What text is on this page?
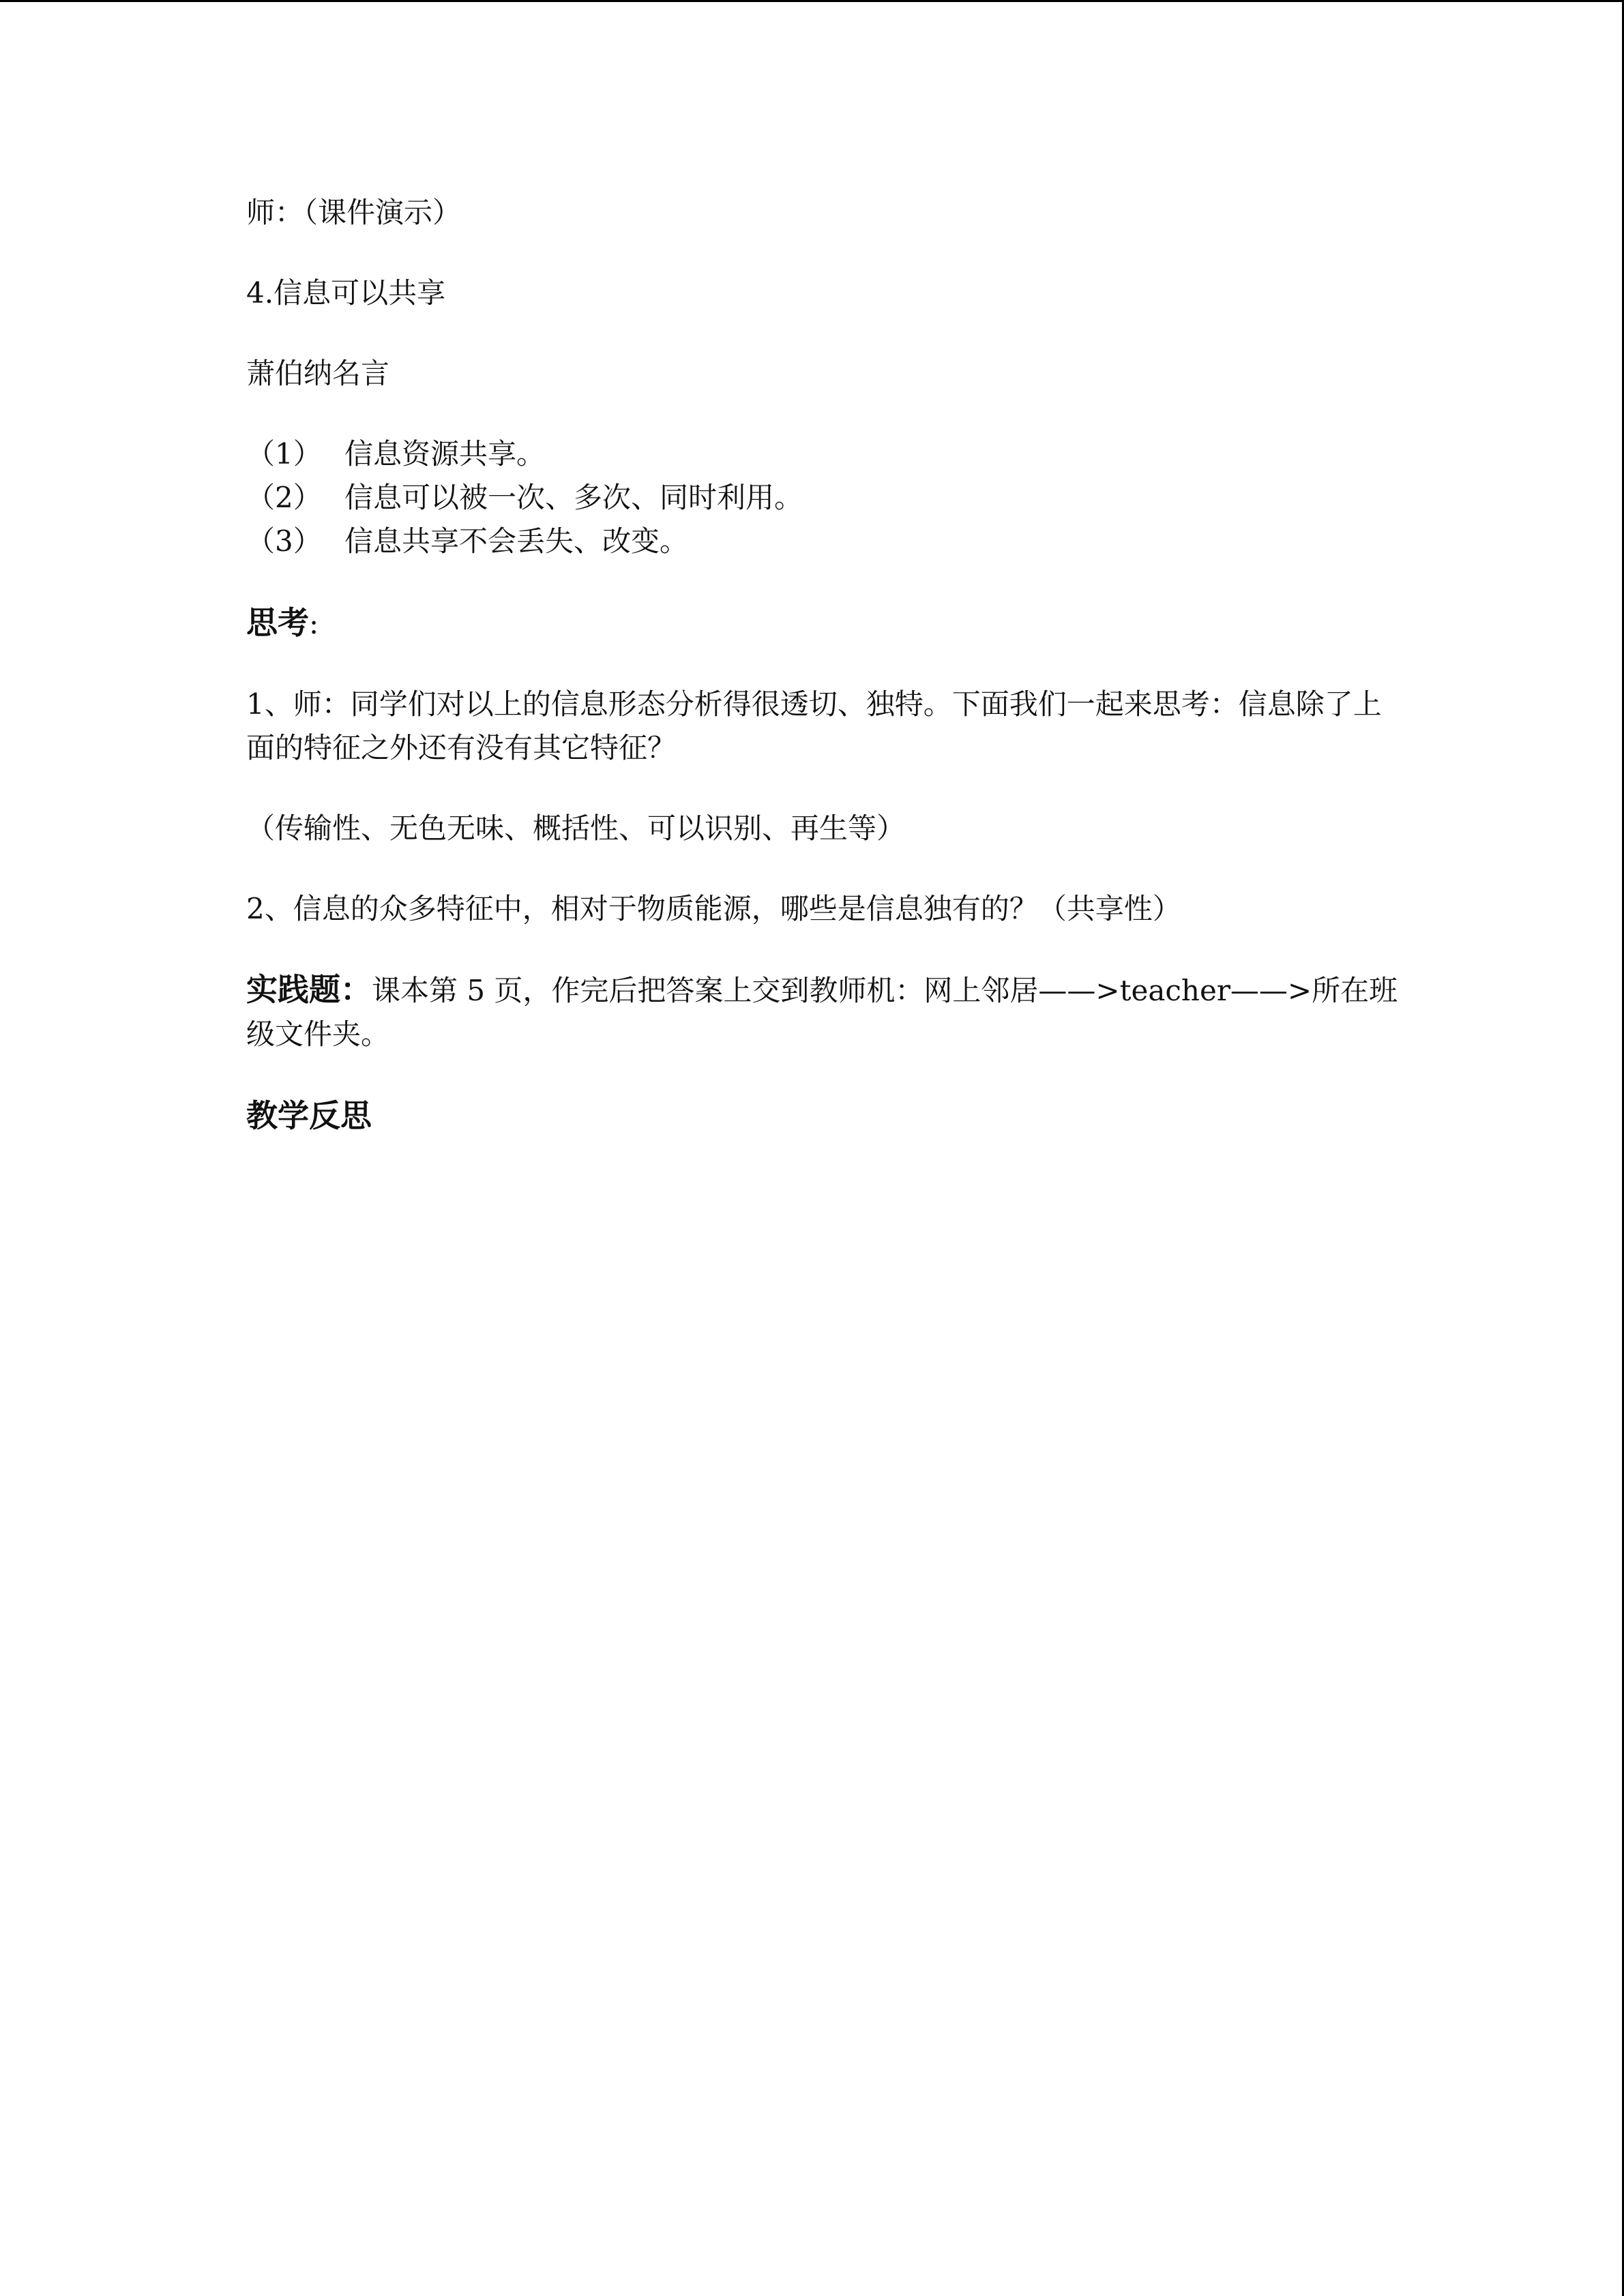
师：（课件演示）

4.信息可以共享

萧伯纳名言

（1） 信息资源共享。
（2） 信息可以被一次、多次、同时利用。
（3） 信息共享不会丢失、改变。

思考:

1、师：同学们对以上的信息形态分析得很透切、独特。下面我们一起来思考：信息除了上

面的特征之外还有没有其它特征？

（传输性、无色无味、概括性、可以识别、再生等）

2、信息的众多特征中，相对于物质能源，哪些是信息独有的？（共享性）

实践题：课本第 5 页，作完后把答案上交到教师机：网上邻居——>teacher——>所在班

级文件夹。

教学反思
